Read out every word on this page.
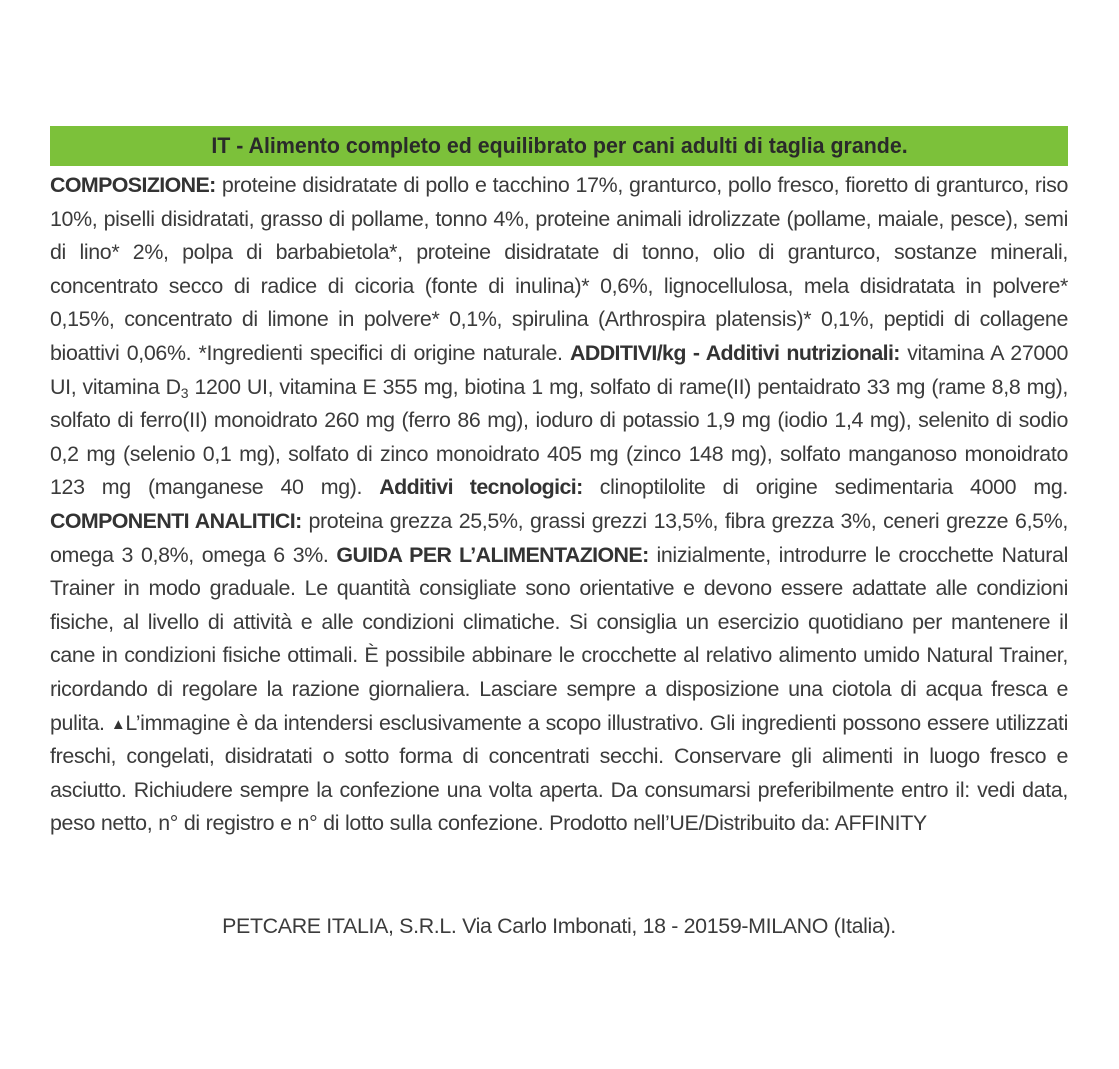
IT - Alimento completo ed equilibrato per cani adulti di taglia grande.

COMPOSIZIONE: proteine disidratate di pollo e tacchino 17%, granturco, pollo fresco, fioretto di granturco, riso 10%, piselli disidratati, grasso di pollame, tonno 4%, proteine animali idrolizzate (pollame, maiale, pesce), semi di lino* 2%, polpa di barbabietola*, proteine disidratate di tonno, olio di granturco, sostanze minerali, concentrato secco di radice di cicoria (fonte di inulina)* 0,6%, lignocellulosa, mela disidratata in polvere* 0,15%, concentrato di limone in polvere* 0,1%, spirulina (Arthrospira platensis)* 0,1%, peptidi di collagene bioattivi 0,06%. *Ingredienti specifici di origine naturale. ADDITIVI/kg - Additivi nutrizionali: vitamina A 27000 UI, vitamina $D_3$ 1200 UI, vitamina E 355 mg, biotina 1 mg, solfato di rame(II) pentaidrato 33 mg (rame 8,8 mg), solfato di ferro(II) monoidrato 260 mg (ferro 86 mg), ioduro di potassio 1,9 mg (iodio 1,4 mg), selenito di sodio 0,2 mg (selenio 0,1 mg), solfato di zinco monoidrato 405 mg (zinco 148 mg), solfato manganoso monoidrato 123 mg (manganese 40 mg). Additivi tecnologici: clinoptilolite di origine sedimentaria 4000 mg. COMPONENTI ANALITICI: proteina grezza 25,5%, grassi grezzi 13,5%, fibra grezza 3%, ceneri grezze 6,5%, omega 3 0,8%, omega 6 3%. GUIDA PER L’ALIMENTAZIONE: inizialmente, introdurre le crocchette Natural Trainer in modo graduale. Le quantità consigliate sono orientative e devono essere adattate alle condizioni fisiche, al livello di attività e alle condizioni climatiche. Si consiglia un esercizio quotidiano per mantenere il cane in condizioni fisiche ottimali. È possibile abbinare le crocchette al relativo alimento umido Natural Trainer, ricordando di regolare la razione giornaliera. Lasciare sempre a disposizione una ciotola di acqua fresca e pulita. ▲L’immagine è da intendersi esclusivamente a scopo illustrativo. Gli ingredienti possono essere utilizzati freschi, congelati, disidratati o sotto forma di concentrati secchi. Conservare gli alimenti in luogo fresco e asciutto. Richiudere sempre la confezione una volta aperta. Da consumarsi preferibilmente entro il: vedi data, peso netto, n° di registro e n° di lotto sulla confezione. Prodotto nell’UE/Distribuito da: AFFINITY

PETCARE ITALIA, S.R.L. Via Carlo Imbonati, 18 - 20159-MILANO (Italia).
